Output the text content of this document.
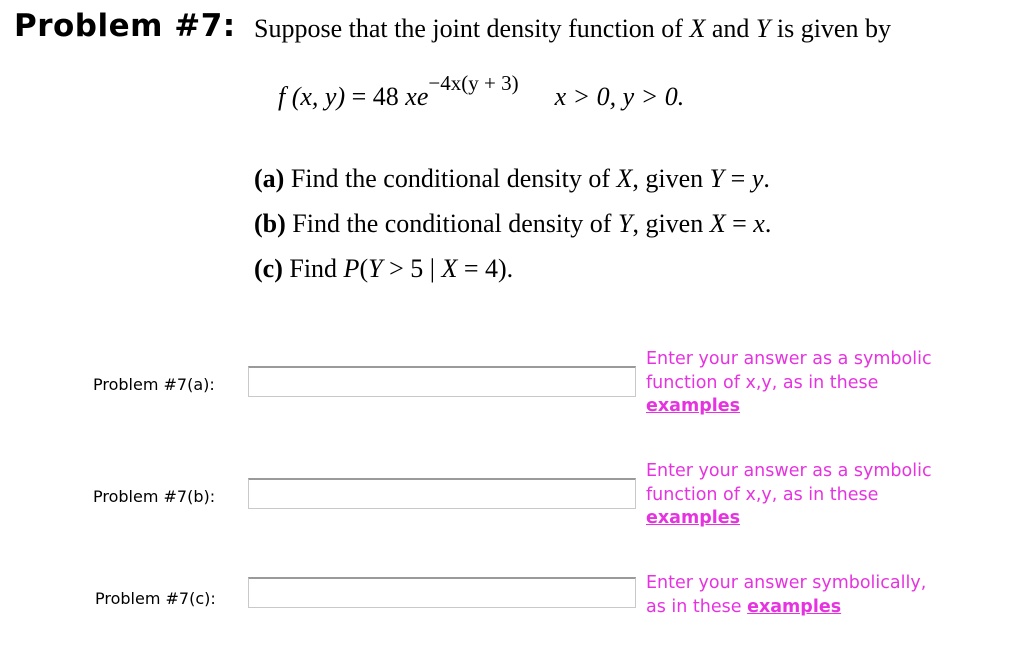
Problem #7: Suppose that the joint density function of X and Y is given by
f (x, y) = 48 $xe^{-4x(y + 3)}$ x > 0, y > 0.
(a) Find the conditional density of X, given Y = y.
(b) Find the conditional density of Y, given X = x.
(c) Find P(Y > 5 | X = 4).
Problem #7(a):
Enter your answer as a symbolic
function of x,y, as in these
examples
Problem #7(b):
Enter your answer as a symbolic
function of x,y, as in these
examples
Problem #7(c):
Enter your answer symbolically,
as in these examples
